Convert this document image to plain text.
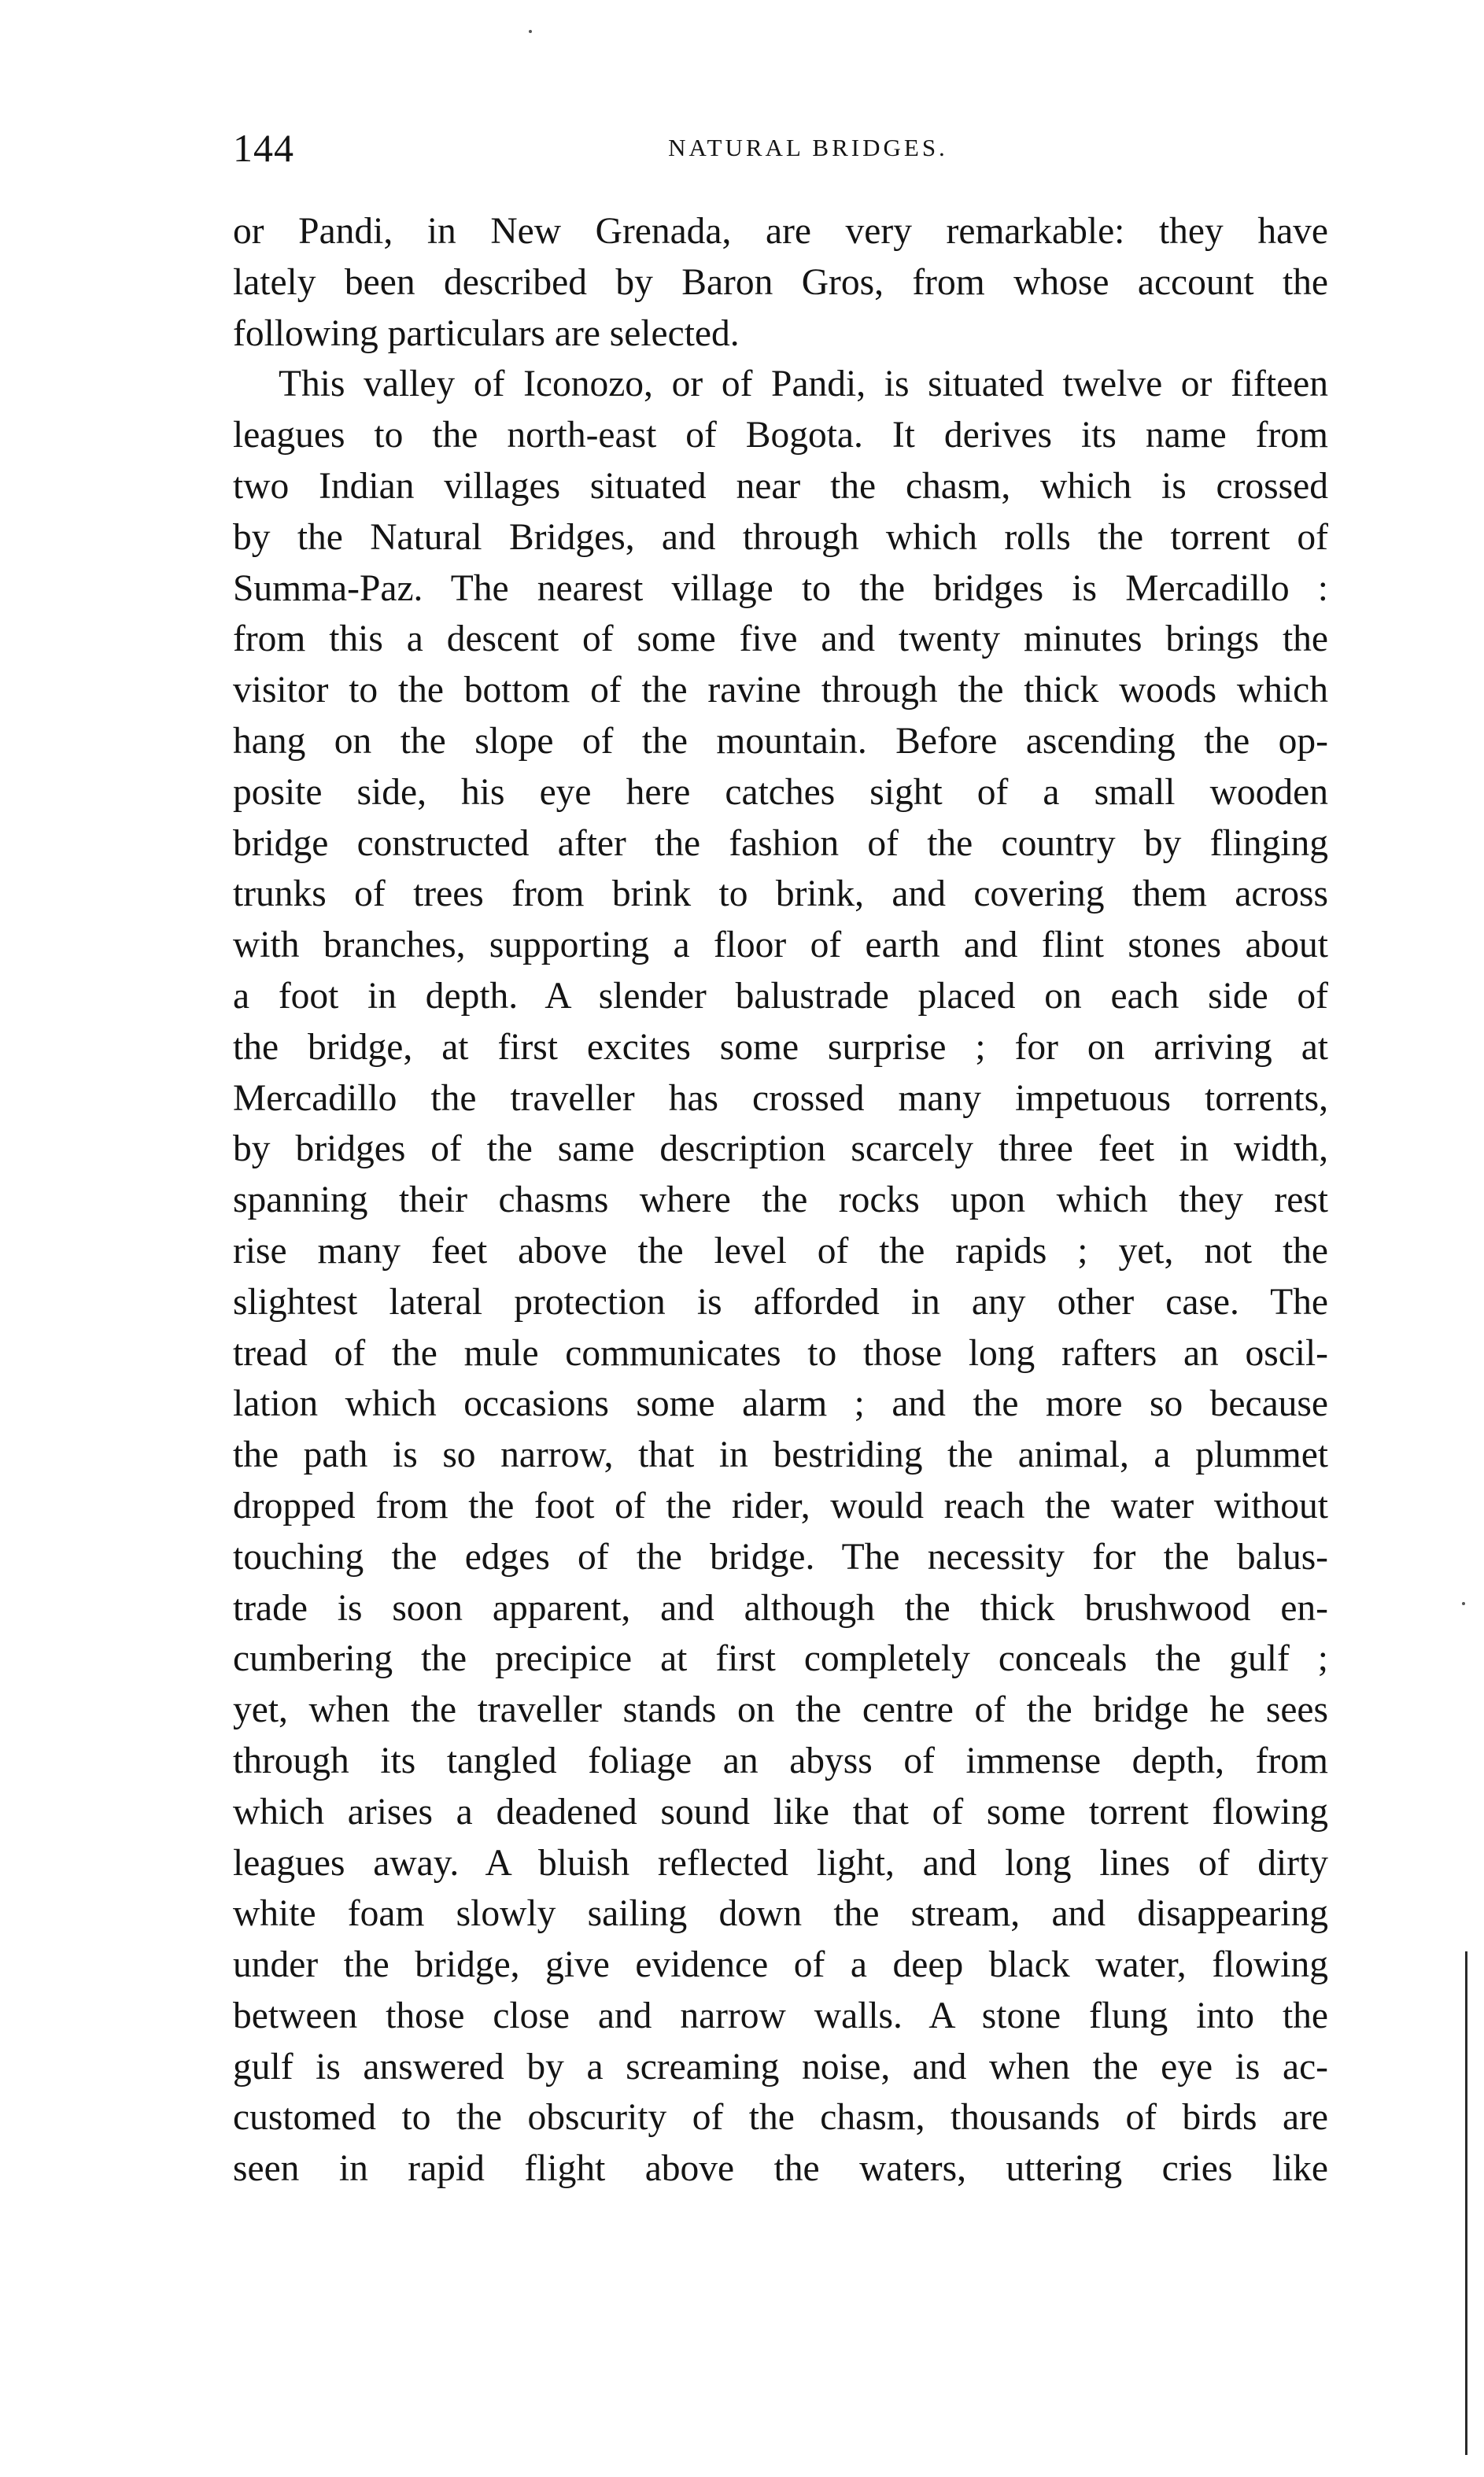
144	NATURAL BRIDGES.
or Pandi, in New Grenada, are very remarkable: they have
lately been described by Baron Gros, from whose account the
following particulars are selected.
This valley of Iconozo, or of Pandi, is situated twelve or fifteen
leagues to the north-east of Bogota. It derives its name from
two Indian villages situated near the chasm, which is crossed
by the Natural Bridges, and through which rolls the torrent of
Summa-Paz. The nearest village to the bridges is Mercadillo :
from this a descent of some five and twenty minutes brings the
visitor to the bottom of the ravine through the thick woods which
hang on the slope of the mountain. Before ascending the op-
posite side, his eye here catches sight of a small wooden
bridge constructed after the fashion of the country by flinging
trunks of trees from brink to brink, and covering them across
with branches, supporting a floor of earth and flint stones about
a foot in depth. A slender balustrade placed on each side of
the bridge, at first excites some surprise ; for on arriving at
Mercadillo the traveller has crossed many impetuous torrents,
by bridges of the same description scarcely three feet in width,
spanning their chasms where the rocks upon which they rest
rise many feet above the level of the rapids ; yet, not the
slightest lateral protection is afforded in any other case. The
tread of the mule communicates to those long rafters an oscil-
lation which occasions some alarm ; and the more so because
the path is so narrow, that in bestriding the animal, a plummet
dropped from the foot of the rider, would reach the water without
touching the edges of the bridge. The necessity for the balus-
trade is soon apparent, and although the thick brushwood en-
cumbering the precipice at first completely conceals the gulf ;
yet, when the traveller stands on the centre of the bridge he sees
through its tangled foliage an abyss of immense depth, from
which arises a deadened sound like that of some torrent flowing
leagues away. A bluish reflected light, and long lines of dirty
white foam slowly sailing down the stream, and disappearing
under the bridge, give evidence of a deep black water, flowing
between those close and narrow walls. A stone flung into the
gulf is answered by a screaming noise, and when the eye is ac-
customed to the obscurity of the chasm, thousands of birds are
seen in rapid flight above the waters, uttering cries like
